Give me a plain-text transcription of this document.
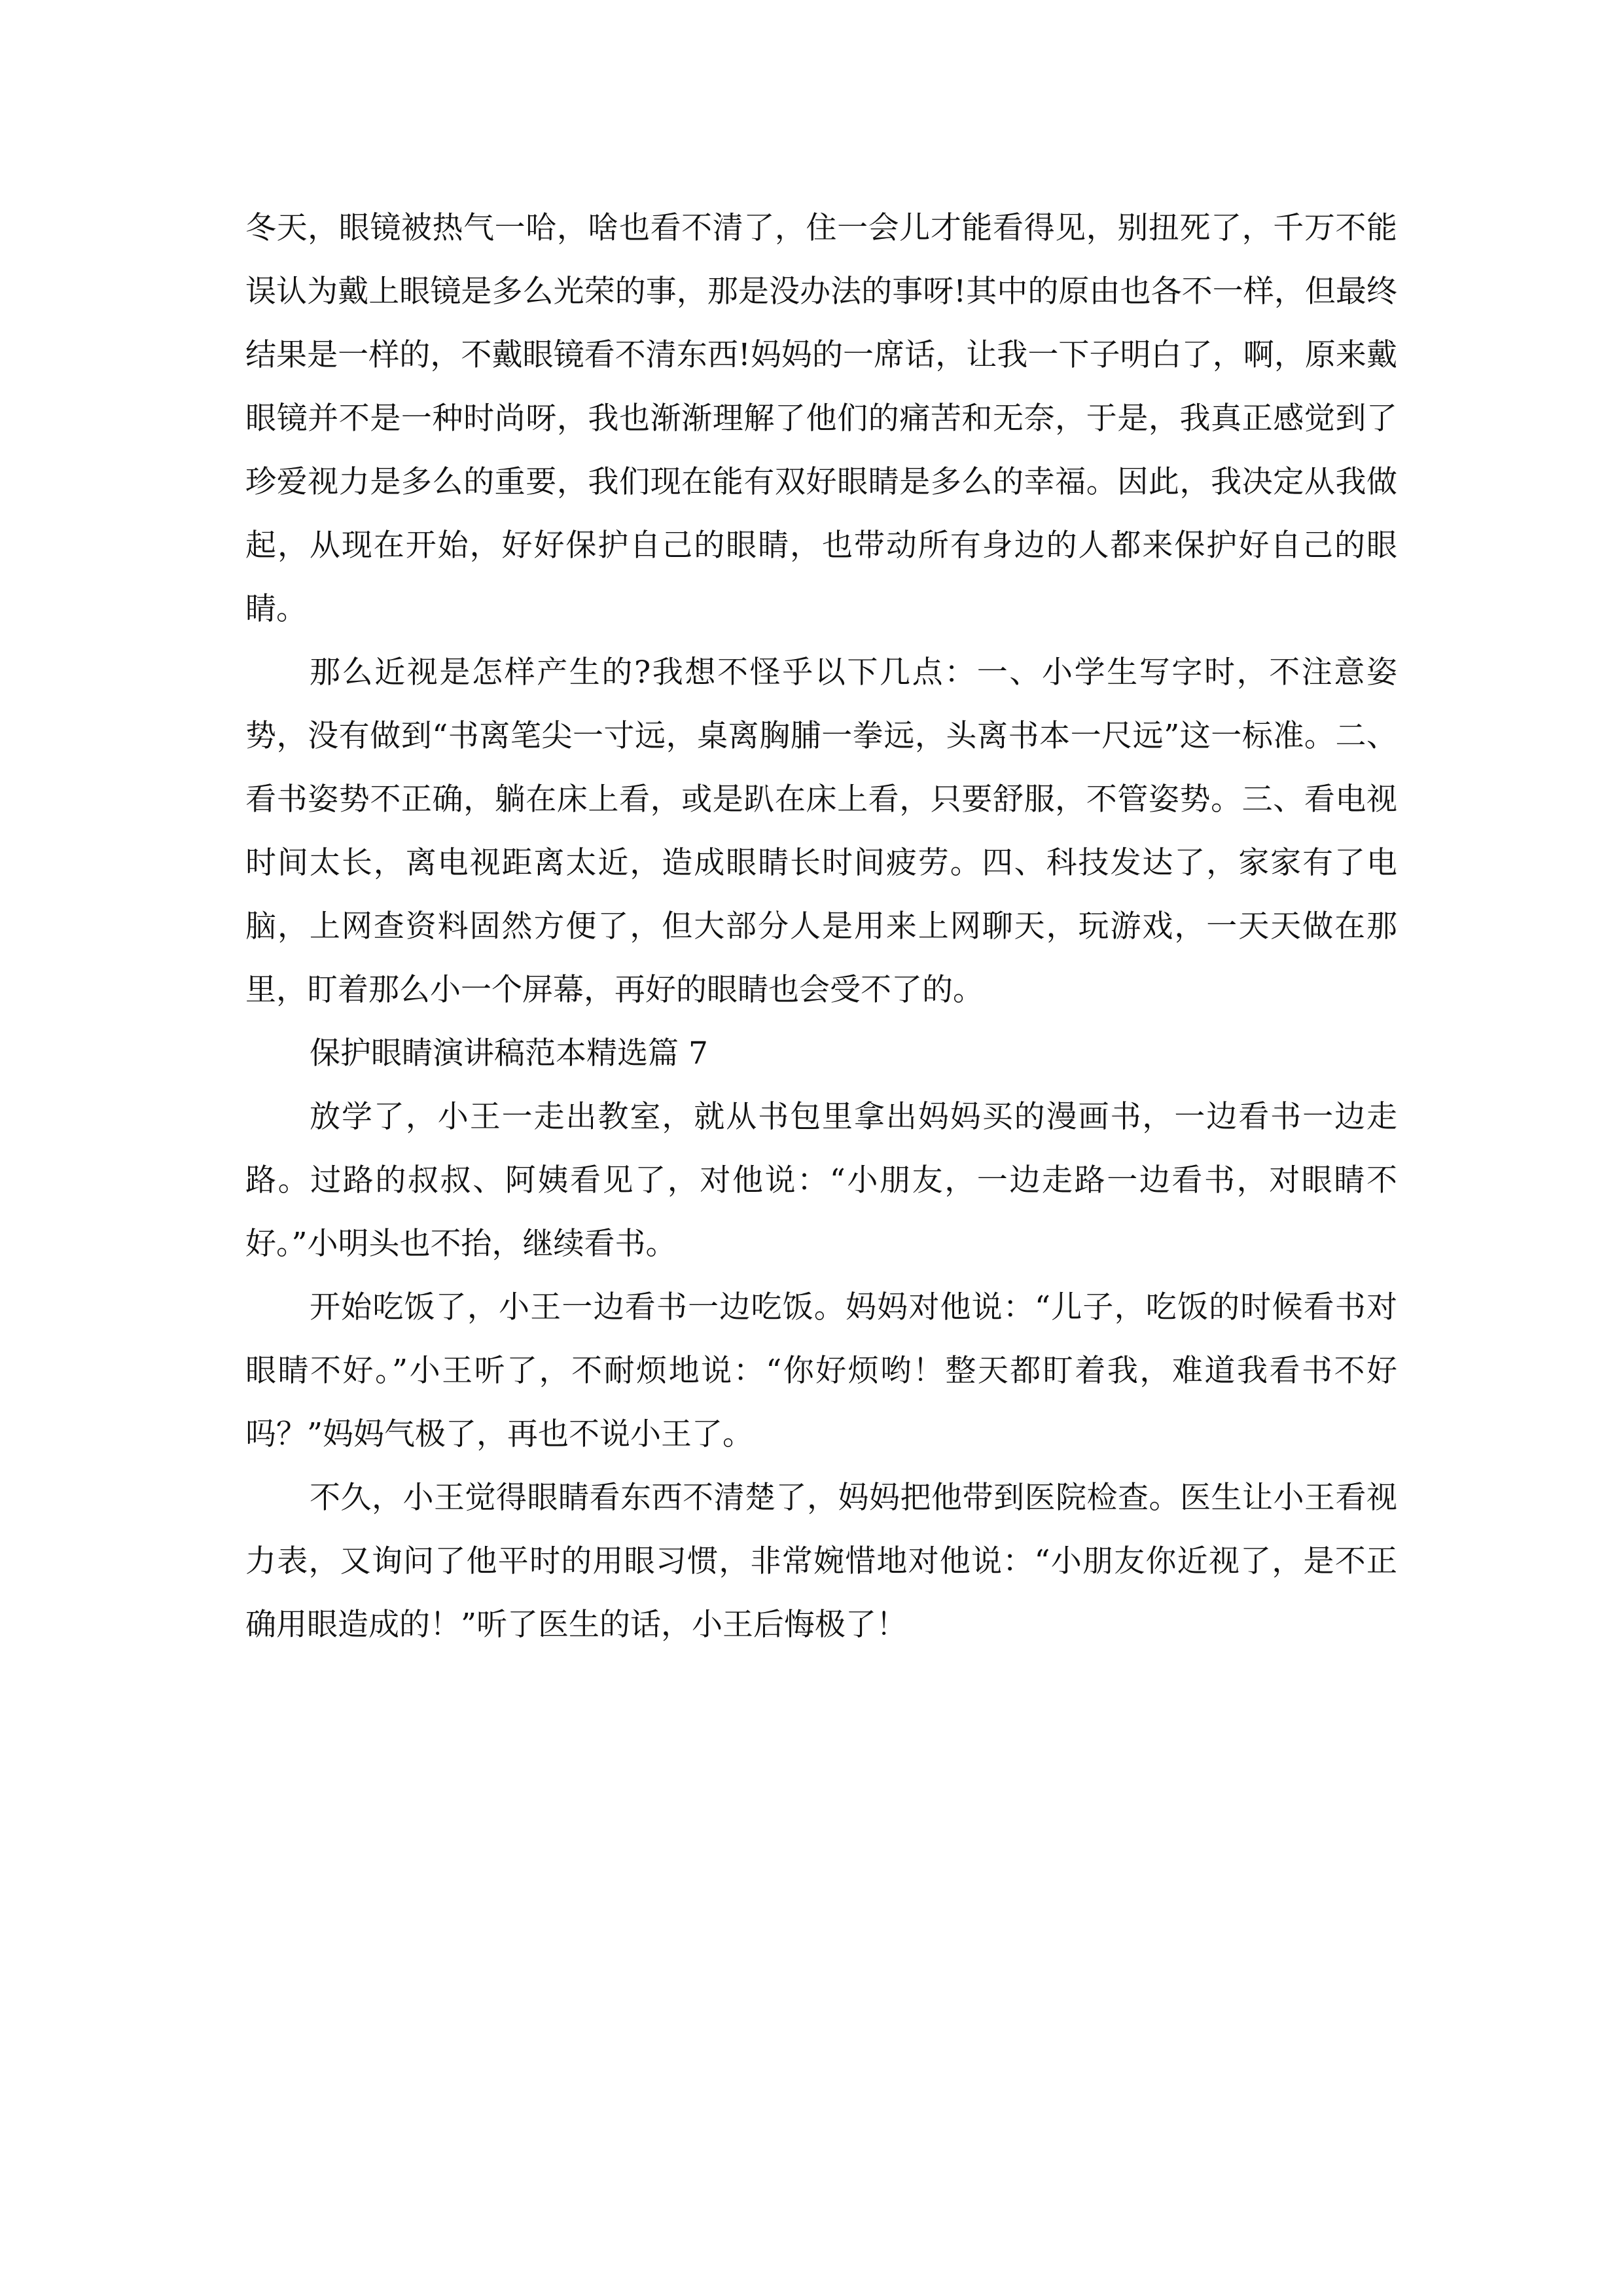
冬天，眼镜被热气一哈，啥也看不清了，住一会儿才能看得见，别扭死了，千万不能误认为戴上眼镜是多么光荣的事，那是没办法的事呀!其中的原由也各不一样，但最终结果是一样的，不戴眼镜看不清东西!妈妈的一席话，让我一下子明白了，啊，原来戴眼镜并不是一种时尚呀，我也渐渐理解了他们的痛苦和无奈，于是，我真正感觉到了珍爱视力是多么的重要，我们现在能有双好眼睛是多么的幸福。因此，我决定从我做起，从现在开始，好好保护自己的眼睛，也带动所有身边的人都来保护好自己的眼睛。

那么近视是怎样产生的?我想不怪乎以下几点：一、小学生写字时，不注意姿势，没有做到“书离笔尖一寸远，桌离胸脯一拳远，头离书本一尺远”这一标准。二、看书姿势不正确，躺在床上看，或是趴在床上看，只要舒服，不管姿势。三、看电视时间太长，离电视距离太近，造成眼睛长时间疲劳。四、科技发达了，家家有了电脑，上网查资料固然方便了，但大部分人是用来上网聊天，玩游戏，一天天做在那里，盯着那么小一个屏幕，再好的眼睛也会受不了的。

保护眼睛演讲稿范本精选篇 7

放学了，小王一走出教室，就从书包里拿出妈妈买的漫画书，一边看书一边走路。过路的叔叔、阿姨看见了，对他说：“小朋友，一边走路一边看书，对眼睛不好。”小明头也不抬，继续看书。

开始吃饭了，小王一边看书一边吃饭。妈妈对他说：“儿子，吃饭的时候看书对眼睛不好。”小王听了，不耐烦地说：“你好烦哟！整天都盯着我，难道我看书不好吗？”妈妈气极了，再也不说小王了。

不久，小王觉得眼睛看东西不清楚了，妈妈把他带到医院检查。医生让小王看视力表，又询问了他平时的用眼习惯，非常婉惜地对他说：“小朋友你近视了，是不正确用眼造成的！”听了医生的话，小王后悔极了！
